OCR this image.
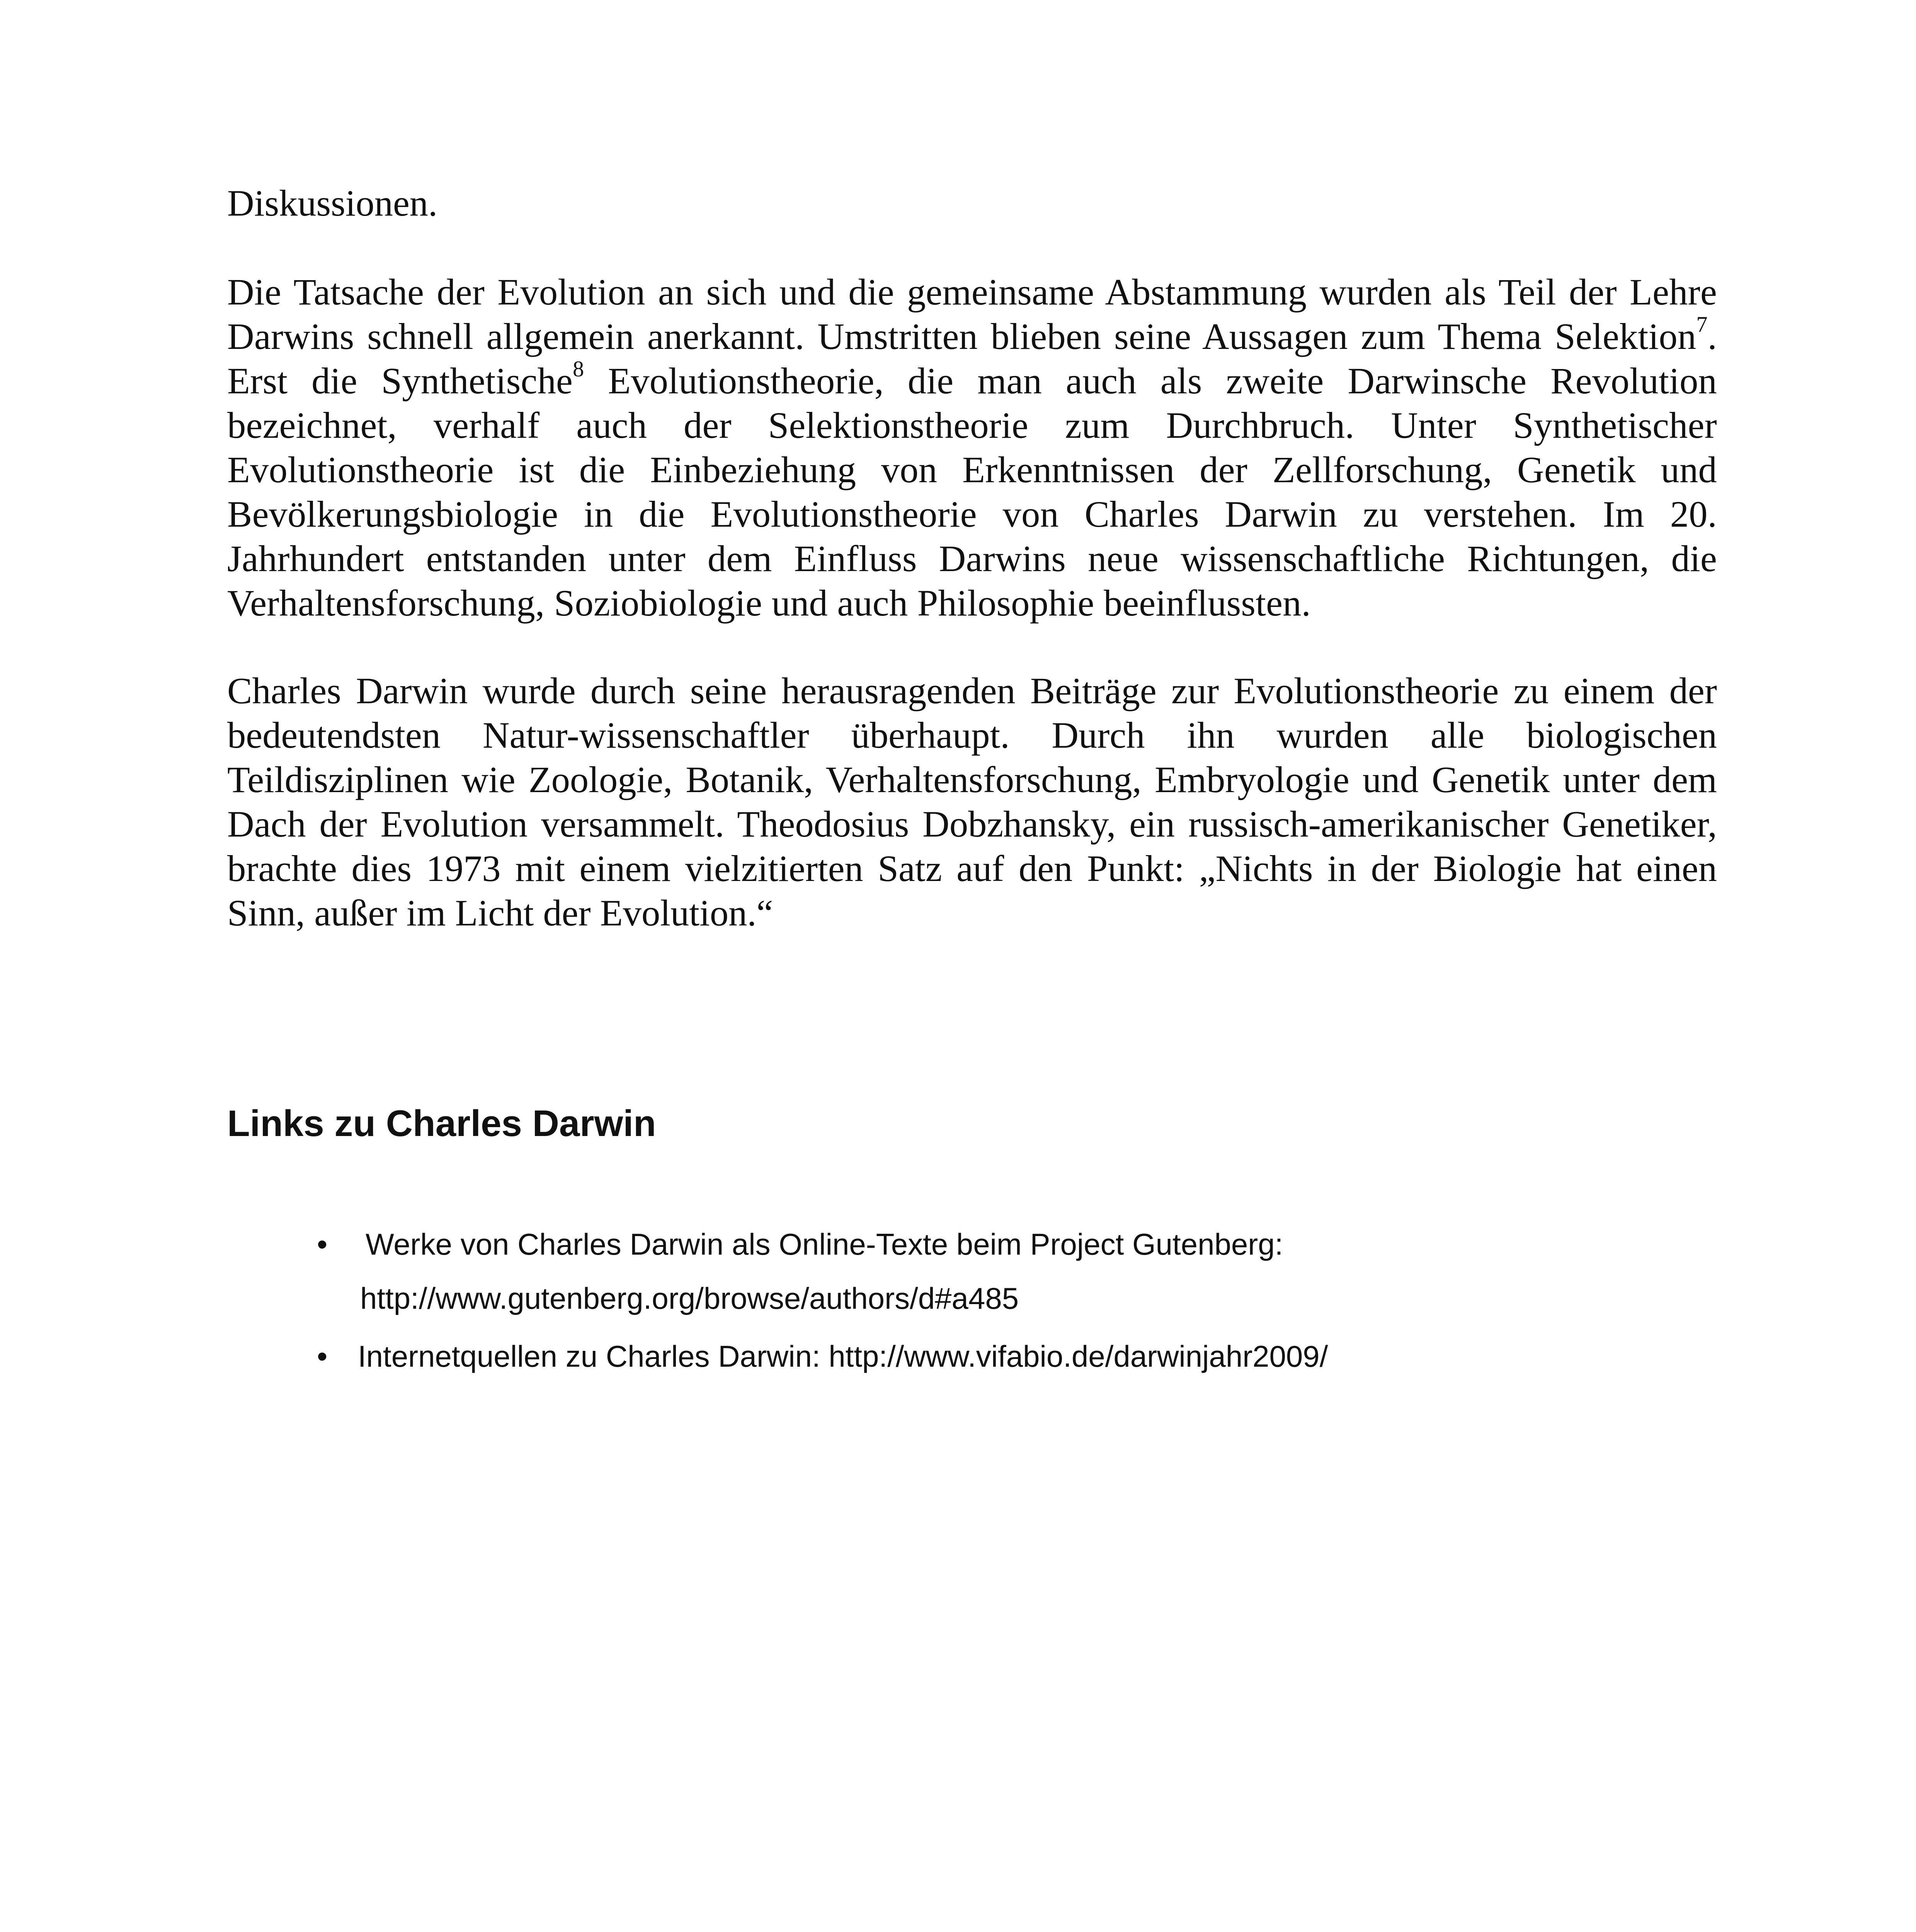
Diskussionen.

Die Tatsache der Evolution an sich und die gemeinsame Abstammung wurden als Teil der Lehre Darwins schnell allgemein anerkannt. Umstritten blieben seine Aussagen zum Thema Selektion$^7$. Erst die Synthetische$^8$ Evolutionstheorie, die man auch als zweite Darwinsche Revolution bezeichnet, verhalf auch der Selektionstheorie zum Durchbruch. Unter Synthetischer Evolutionstheorie ist die Einbeziehung von Erkenntnissen der Zellforschung, Genetik und Bevölkerungsbiologie in die Evolutionstheorie von Charles Darwin zu verstehen. Im 20. Jahrhundert entstanden unter dem Einfluss Darwins neue wissenschaftliche Richtungen, die Verhaltensforschung, Soziobiologie und auch Philosophie beeinflussten.

Charles Darwin wurde durch seine herausragenden Beiträge zur Evolutionstheorie zu einem der bedeutendsten Natur-wissenschaftler überhaupt. Durch ihn wurden alle biologischen Teildisziplinen wie Zoologie, Botanik, Verhaltensforschung, Embryologie und Genetik unter dem Dach der Evolution versammelt. Theodosius Dobzhansky, ein russisch-amerikanischer Genetiker, brachte dies 1973 mit einem vielzitierten Satz auf den Punkt: „Nichts in der Biologie hat einen Sinn, außer im Licht der Evolution.“

Links zu Charles Darwin
• Werke von Charles Darwin als Online-Texte beim Project Gutenberg:
http://www.gutenberg.org/browse/authors/d#a485
• Internetquellen zu Charles Darwin: http://www.vifabio.de/darwinjahr2009/
